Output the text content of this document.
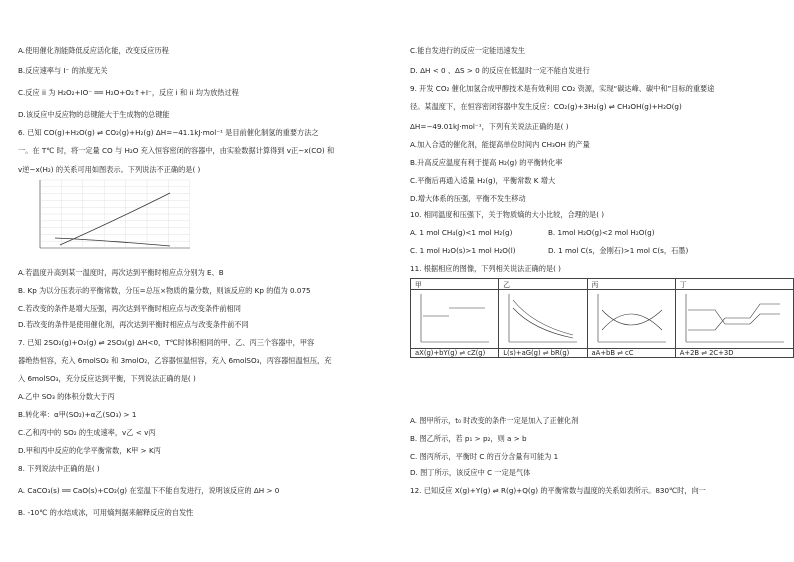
A.使用催化剂能降低反应活化能，改变反应历程
B.反应速率与 I⁻ 的浓度无关
C.反应 ii 为 H₂O₂+IO⁻ ══ H₂O+O₂↑+I⁻，反应 i 和 ii 均为放热过程
D.该反应中反应物的总键能大于生成物的总键能
6. 已知 CO(g)+H₂O(g) ⇌ CO₂(g)+H₂(g) ΔH=−41.1kJ·mol⁻¹ 是目前催化制氢的重要方法之
一。在 T℃ 时，将一定量 CO 与 H₂O 充入恒容密闭的容器中，由实验数据计算得到 v正~x(CO) 和
v逆~x(H₂) 的关系可用如图表示。下列说法不正确的是( )
A.若温度升高到某一温度时，再次达到平衡时相应点分别为 E、B
B. Kp 为以分压表示的平衡常数，分压=总压×物质的量分数，则该反应的 Kp 的值为 0.075
C.若改变的条件是增大压强，再次达到平衡时相应点与改变条件前相同
D.若改变的条件是使用催化剂，再次达到平衡时相应点与改变条件前不同
7. 已知 2SO₂(g)+O₂(g) ⇌ 2SO₃(g) ΔH<0，T℃时体积相同的甲、乙、丙三个容器中，甲容
器绝热恒容，充入 6molSO₂ 和 3molO₂，乙容器恒温恒容，充入 6molSO₃，丙容器恒温恒压，充
入 6molSO₃，充分反应达到平衡，下列说法正确的是( )
A.乙中 SO₃ 的体积分数大于丙
B.转化率：α甲(SO₂)+α乙(SO₃) > 1
C.乙和丙中的 SO₂ 的生成速率，v乙 < v丙
D.甲和丙中反应的化学平衡常数，K甲 > K丙
8. 下列说法中正确的是( )
A. CaCO₃(s) ══ CaO(s)+CO₂(g) 在室温下不能自发进行，说明该反应的 ΔH > 0
B. -10℃ 的水结成冰，可用熵判据来解释反应的自发性
C.能自发进行的反应一定能迅速发生
D. ΔH < 0 、ΔS > 0 的反应在低温时一定不能自发进行
9. 开发 CO₂ 催化加氢合成甲醇技术是有效利用 CO₂ 资源，实现“碳达峰、碳中和”目标的重要途
径。某温度下，在恒容密闭容器中发生反应：CO₂(g)+3H₂(g) ⇌ CH₃OH(g)+H₂O(g)
ΔH=−49.01kJ·mol⁻¹，下列有关说法正确的是( )
A.加入合适的催化剂，能提高单位时间内 CH₃OH 的产量
B.升高反应温度有利于提高 H₂(g) 的平衡转化率
C.平衡后再通入适量 H₂(g)，平衡常数 K 增大
D.增大体系的压强，平衡不发生移动
10. 相同温度和压强下，关于物质熵的大小比较，合理的是( )
A. 1 mol CH₄(g)<1 mol H₂(g)	B. 1mol H₂O(g)<2 mol H₂O(g)
C. 1 mol H₂O(s)>1 mol H₂O(l)	D. 1 mol C(s，金刚石)>1 mol C(s，石墨)
11. 根据相应的图像，下列相关说法正确的是( )
A. 图甲所示，t₀ 时改变的条件一定是加入了正催化剂
B. 图乙所示，若 p₁ > p₂，则 a > b
C. 图丙所示，平衡时 C 的百分含量有可能为 1
D. 图丁所示，该反应中 C 一定是气体
12. 已知反应 X(g)+Y(g) ⇌ R(g)+Q(g) 的平衡常数与温度的关系如表所示。830℃时，向一
甲	乙	丙	丁

aX(g)+bY(g) ⇌ cZ(g)	L(s)+aG(g) ⇌ bR(g)	aA+bB ⇌ cC	A+2B ⇌ 2C+3D
